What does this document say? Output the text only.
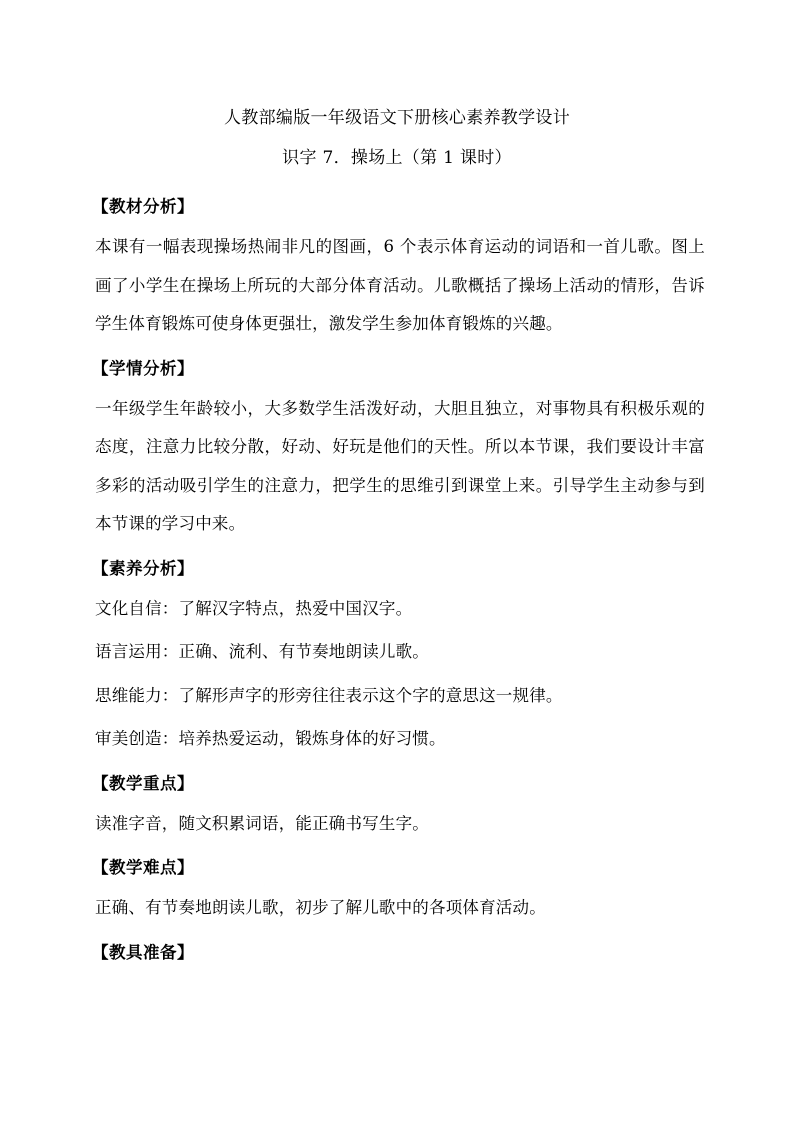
人教部编版一年级语文下册核心素养教学设计
识字 7．操场上（第 1 课时）
【教材分析】

本课有一幅表现操场热闹非凡的图画，6 个表示体育运动的词语和一首儿歌。图上画了小学生在操场上所玩的大部分体育活动。儿歌概括了操场上活动的情形，告诉学生体育锻炼可使身体更强壮，激发学生参加体育锻炼的兴趣。

【学情分析】

一年级学生年龄较小，大多数学生活泼好动，大胆且独立，对事物具有积极乐观的态度，注意力比较分散，好动、好玩是他们的天性。所以本节课，我们要设计丰富多彩的活动吸引学生的注意力，把学生的思维引到课堂上来。引导学生主动参与到本节课的学习中来。

【素养分析】

文化自信：了解汉字特点，热爱中国汉字。

语言运用：正确、流利、有节奏地朗读儿歌。

思维能力：了解形声字的形旁往往表示这个字的意思这一规律。

审美创造：培养热爱运动，锻炼身体的好习惯。

【教学重点】

读准字音，随文积累词语，能正确书写生字。

【教学难点】

正确、有节奏地朗读儿歌，初步了解儿歌中的各项体育活动。

【教具准备】
